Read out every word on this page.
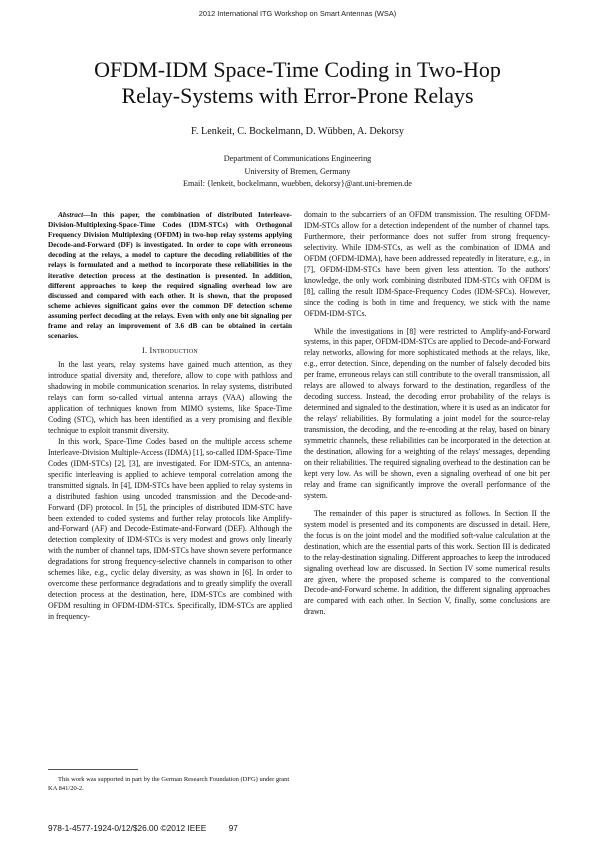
2012 International ITG Workshop on Smart Antennas (WSA)
OFDM-IDM Space-Time Coding in Two-Hop
Relay-Systems with Error-Prone Relays
F. Lenkeit, C. Bockelmann, D. Wübben, A. Dekorsy
Department of Communications Engineering
University of Bremen, Germany
Email: {lenkeit, bockelmann, wuebben, dekorsy}@ant.uni-bremen.de

Abstract—In this paper, the combination of distributed Interleave-Division-Multiplexing-Space-Time Codes (IDM-STCs) with Orthogonal Frequency Division Multiplexing (OFDM) in two-hop relay systems applying Decode-and-Forward (DF) is investigated. In order to cope with erroneous decoding at the relays, a model to capture the decoding reliabilities of the relays is formulated and a method to incorporate these reliabilities in the iterative detection process at the destination is presented. In addition, different approaches to keep the required signaling overhead low are discussed and compared with each other. It is shown, that the proposed scheme achieves significant gains over the common DF detection scheme assuming perfect decoding at the relays. Even with only one bit signaling per frame and relay an improvement of 3.6 dB can be obtained in certain scenarios.

I. Introduction

In the last years, relay systems have gained much attention, as they introduce spatial diversity and, therefore, allow to cope with pathloss and shadowing in mobile communication scenarios. In relay systems, distributed relays can form so-called virtual antenna arrays (VAA) allowing the application of techniques known from MIMO systems, like Space-Time Coding (STC), which has been identified as a very promising and flexible technique to exploit transmit diversity.

In this work, Space-Time Codes based on the multiple access scheme Interleave-Division Multiple-Access (IDMA) [1], so-called IDM-Space-Time Codes (IDM-STCs) [2], [3], are investigated. For IDM-STCs, an antenna-specific interleaving is applied to achieve temporal correlation among the transmitted signals. In [4], IDM-STCs have been applied to relay systems in a distributed fashion using uncoded transmission and the Decode-and-Forward (DF) protocol. In [5], the principles of distributed IDM-STC have been extended to coded systems and further relay protocols like Amplify-and-Forward (AF) and Decode-Estimate-and-Forward (DEF). Although the detection complexity of IDM-STCs is very modest and grows only linearly with the number of channel taps, IDM-STCs have shown severe performance degradations for strong frequency-selective channels in comparison to other schemes like, e.g., cyclic delay diversity, as was shown in [6]. In order to overcome these performance degradations and to greatly simplify the overall detection process at the destination, here, IDM-STCs are combined with OFDM resulting in OFDM-IDM-STCs. Specifically, IDM-STCs are applied in frequency-

This work was supported in part by the German Research Foundation (DFG) under grant KA 841/20-2.

domain to the subcarriers of an OFDM transmission. The resulting OFDM-IDM-STCs allow for a detection independent of the number of channel taps. Furthermore, their performance does not suffer from strong frequency-selectivity. While IDM-STCs, as well as the combination of IDMA and OFDM (OFDM-IDMA), have been addressed repeatedly in literature, e.g., in [7], OFDM-IDM-STCs have been given less attention. To the authors' knowledge, the only work combining distributed IDM-STCs with OFDM is [8], calling the result IDM-Space-Frequency Codes (IDM-SFCs). However, since the coding is both in time and frequency, we stick with the name OFDM-IDM-STCs.

While the investigations in [8] were restricted to Amplify-and-Forward systems, in this paper, OFDM-IDM-STCs are applied to Decode-and-Forward relay networks, allowing for more sophisticated methods at the relays, like, e.g., error detection. Since, depending on the number of falsely decoded bits per frame, erroneous relays can still contribute to the overall transmission, all relays are allowed to always forward to the destination, regardless of the decoding success. Instead, the decoding error probability of the relays is determined and signaled to the destination, where it is used as an indicator for the relays' reliabilities. By formulating a joint model for the source-relay transmission, the decoding, and the re-encoding at the relay, based on binary symmetric channels, these reliabilities can be incorporated in the detection at the destination, allowing for a weighting of the relays' messages, depending on their reliabilities. The required signaling overhead to the destination can be kept very low. As will be shown, even a signaling overhead of one bit per relay and frame can significantly improve the overall performance of the system.

The remainder of this paper is structured as follows. In Section II the system model is presented and its components are discussed in detail. Here, the focus is on the joint model and the modified soft-value calculation at the destination, which are the essential parts of this work. Section III is dedicated to the relay-destination signaling. Different approaches to keep the introduced signaling overhead low are discussed. In Section IV some numerical results are given, where the proposed scheme is compared to the conventional Decode-and-Forward scheme. In addition, the different signaling approaches are compared with each other. In Section V, finally, some conclusions are drawn.

978-1-4577-1924-0/12/$26.00 ©2012 IEEE	97
